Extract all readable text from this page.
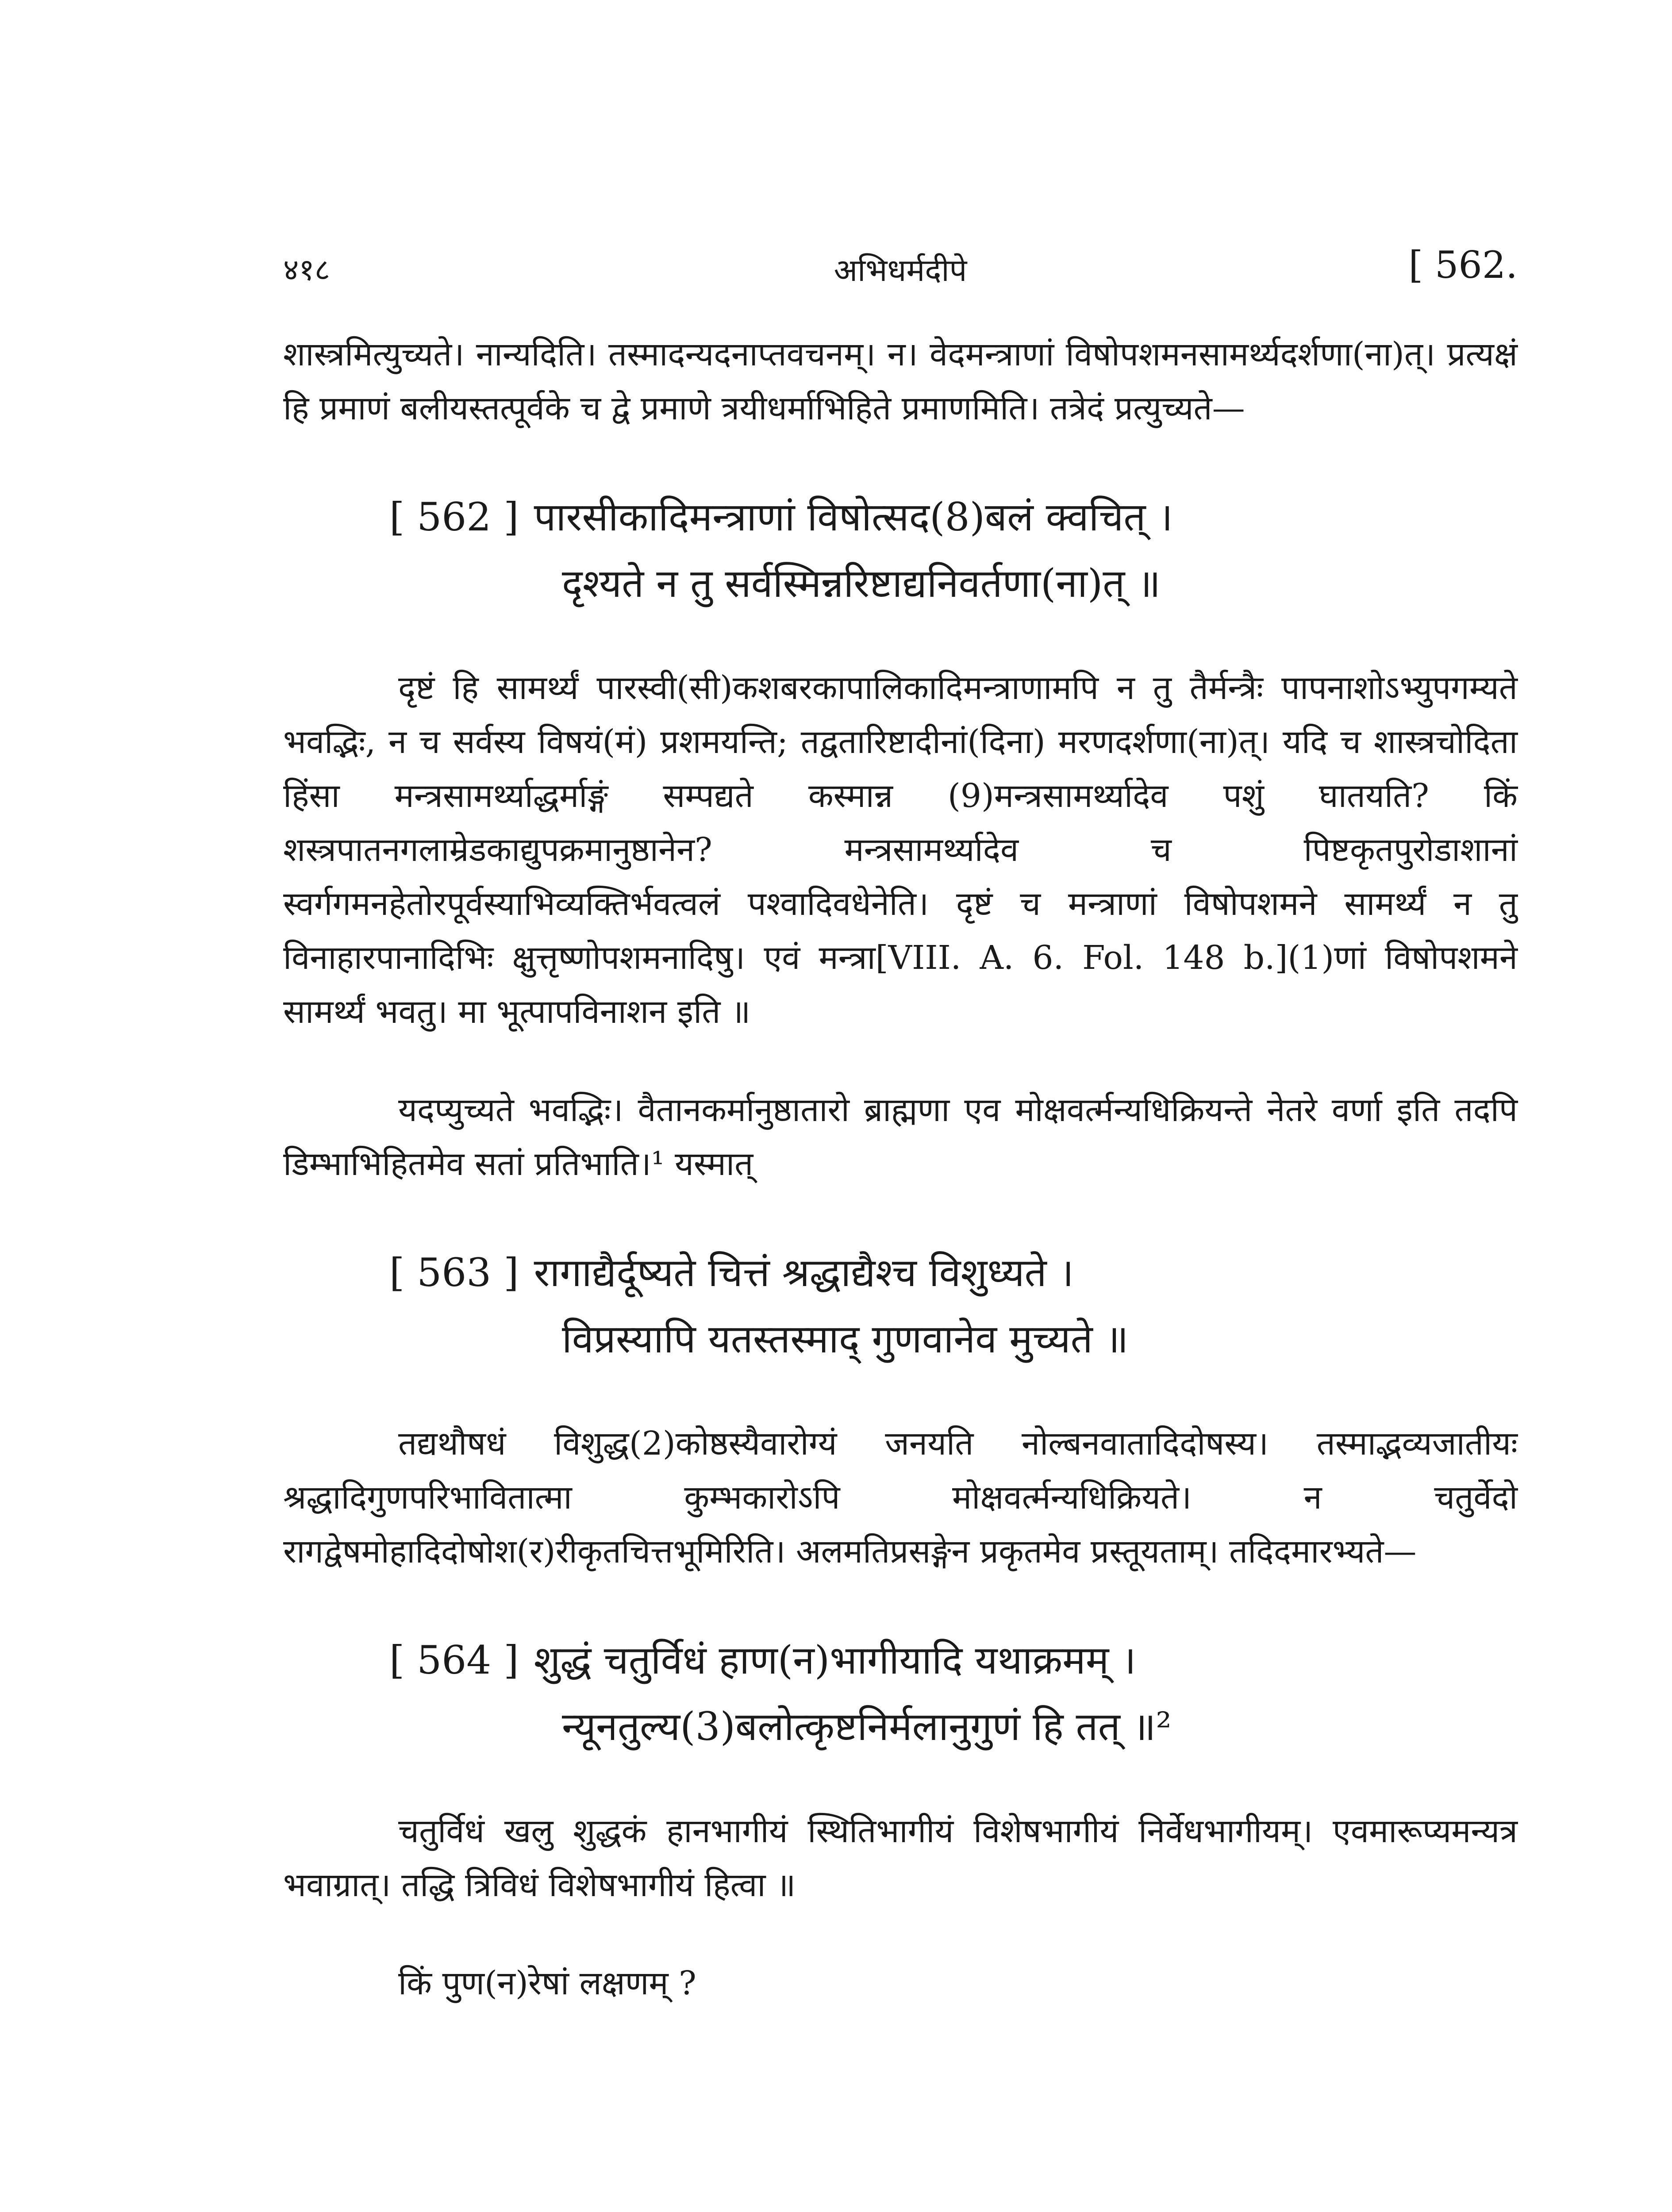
४१८	अभिधर्मदीपे	[ 562.

शास्त्रमित्युच्यते। नान्यदिति। तस्मादन्यदनाप्तवचनम्। न। वेदमन्त्राणां विषोपशमनसामर्थ्यदर्शणा(ना)त्। प्रत्यक्षं हि प्रमाणं बलीयस्तत्पूर्वके च द्वे प्रमाणे त्रयीधर्माभिहिते प्रमाणमिति। तत्रेदं प्रत्युच्यते—

[ 562 ] पारसीकादिमन्त्राणां विषोत्सद(8)बलं क्वचित् ।
दृश्यते न तु सर्वस्मिन्नरिष्टाद्यनिवर्तणा(ना)त् ॥

दृष्टं हि सामर्थ्यं पारस्वी(सी)कशबरकापालिकादिमन्त्राणामपि न तु तैर्मन्त्रैः पापनाशोऽभ्युपगम्यते भवद्भिः, न च सर्वस्य विषयं(मं) प्रशमयन्ति; तद्वतारिष्टादीनां(दिना) मरणदर्शणा(ना)त्। यदि च शास्त्रचोदिता हिंसा मन्त्रसामर्थ्याद्धर्माङ्गं सम्पद्यते कस्मान्न (9)मन्त्रसामर्थ्यादेव पशुं घातयति? किं शस्त्रपातनगलाम्रेडकाद्युपक्रमानुष्ठानेन? मन्त्रसामर्थ्यादेव च पिष्टकृतपुरोडाशानां स्वर्गगमनहेतोरपूर्वस्याभिव्यक्तिर्भवत्वलं पश्वादिवधेनेति। दृष्टं च मन्त्राणां विषोपशमने सामर्थ्यं न तु विनाहारपानादिभिः क्षुत्तृष्णोपशमनादिषु। एवं मन्त्रा[VIII. A. 6. Fol. 148 b.](1)णां विषोपशमने सामर्थ्यं भवतु। मा भूत्पापविनाशन इति ॥

यदप्युच्यते भवद्भिः। वैतानकर्मानुष्ठातारो ब्राह्मणा एव मोक्षवर्त्मन्यधिक्रियन्ते नेतरे वर्णा इति तदपि डिम्भाभिहितमेव सतां प्रतिभाति।¹ यस्मात्

[ 563 ] रागाद्यैर्दूष्यते चित्तं श्रद्धाद्यैश्च विशुध्यते ।
विप्रस्यापि यतस्तस्माद् गुणवानेव मुच्यते ॥

तद्यथौषधं विशुद्ध(2)कोष्ठस्यैवारोग्यं जनयति नोल्बनवातादिदोषस्य। तस्माद्भव्यजातीयः श्रद्धादिगुणपरिभावितात्मा कुम्भकारोऽपि मोक्षवर्त्मन्यधिक्रियते। न चतुर्वेदो रागद्वेषमोहादिदोषोश(र)रीकृतचित्तभूमिरिति। अलमतिप्रसङ्गेन प्रकृतमेव प्रस्तूयताम्। तदिदमारभ्यते—

[ 564 ] शुद्धं चतुर्विधं हाण(न)भागीयादि यथाक्रमम् ।
न्यूनतुल्य(3)बलोत्कृष्टनिर्मलानुगुणं हि तत् ॥²

चतुर्विधं खलु शुद्धकं हानभागीयं स्थितिभागीयं विशेषभागीयं निर्वेधभागीयम्। एवमारूप्यमन्यत्र भवाग्रात्। तद्धि त्रिविधं विशेषभागीयं हित्वा ॥

किं पुण(न)रेषां लक्षणम् ?
